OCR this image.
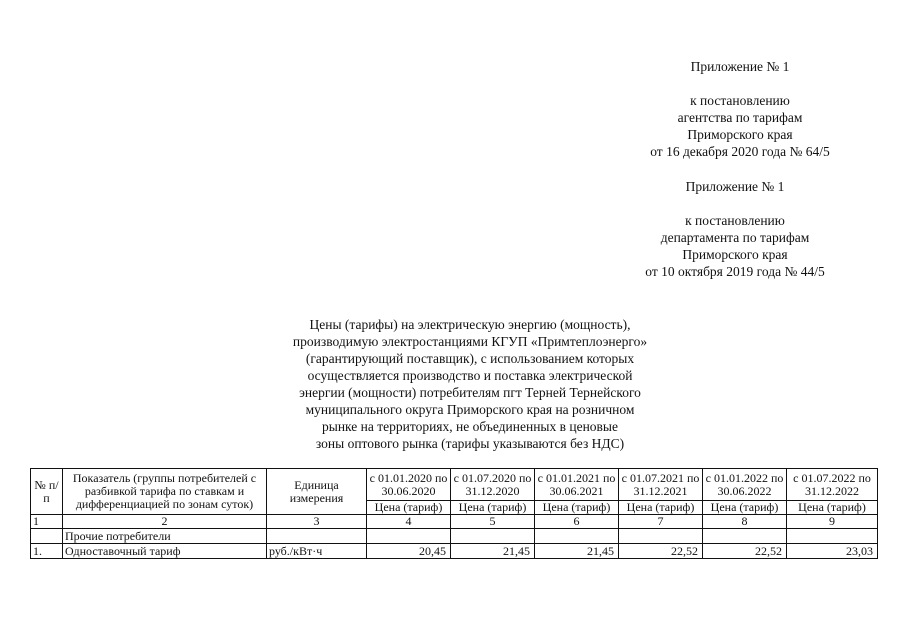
Приложение № 1
к постановлению
агентства по тарифам
Приморского края
от 16 декабря 2020 года № 64/5
Приложение № 1
к постановлению
департамента по тарифам
Приморского края
от 10 октября 2019 года № 44/5
Цены (тарифы) на электрическую энергию (мощность),
производимую электростанциями КГУП «Примтеплоэнерго»
(гарантирующий поставщик), с использованием которых
осуществляется производство и поставка электрической
энергии (мощности) потребителям пгт Терней Тернейского
муниципального округа Приморского края на розничном
рынке на территориях, не объединенных в ценовые
зоны оптового рынка (тарифы указываются без НДС)
№ п/п	Показатель (группы потребителей с разбивкой тарифа по ставкам и дифференциацией по зонам суток)	Единица измерения	с 01.01.2020 по 30.06.2020	с 01.07.2020 по 31.12.2020	с 01.01.2021 по 30.06.2021	с 01.07.2021 по 31.12.2021	с 01.01.2022 по 30.06.2022	с 01.07.2022 по 31.12.2022
			Цена (тариф)	Цена (тариф)	Цена (тариф)	Цена (тариф)	Цена (тариф)	Цена (тариф)
1	2	3	4	5	6	7	8	9
	Прочие потребители							
1.	Одноставочный тариф	руб./кВт·ч	20,45	21,45	21,45	22,52	22,52	23,03
